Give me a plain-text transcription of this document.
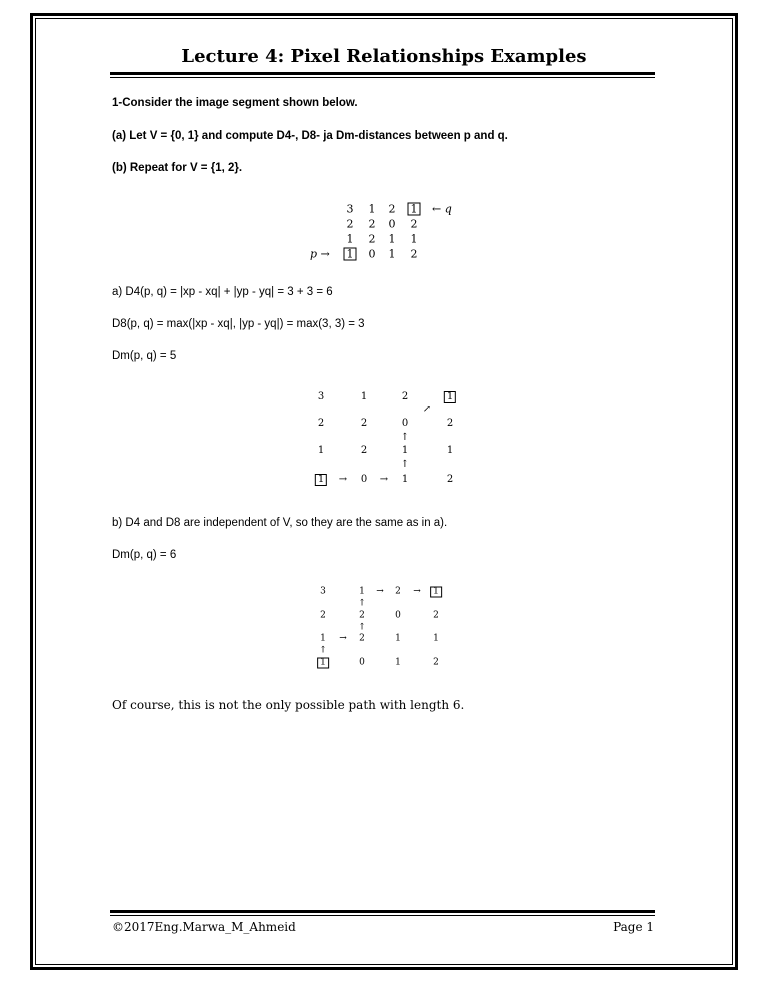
Lecture 4: Pixel Relationships Examples

1-Consider the image segment shown below.

(a) Let V = {0, 1} and compute D4-, D8- ja Dm-distances between p and q.

(b) Repeat for V = {1, 2}.

3 1 2 1 ← q
2 2 0 2
1 2 1 1
p → 1 0 1 2

a) D4(p, q) = |xp - xq| + |yp - yq| = 3 + 3 = 6

D8(p, q) = max(|xp - xq|, |yp - yq|) = max(3, 3) = 3

Dm(p, q) = 5

3	1	2	1
↗
2	2	0	2
↑
1	2	1	1
↑
1	→ 0 → 1	2

b) D4 and D8 are independent of V, so they are the same as in a).

Dm(p, q) = 6

3	1 → 2 →	1
↑
2	2	0	2
↑
1 → 2	1	1
↑
1	0	1	2

Of course, this is not the only possible path with length 6.

©2017Eng.Marwa_M_Ahmeid	Page 1
